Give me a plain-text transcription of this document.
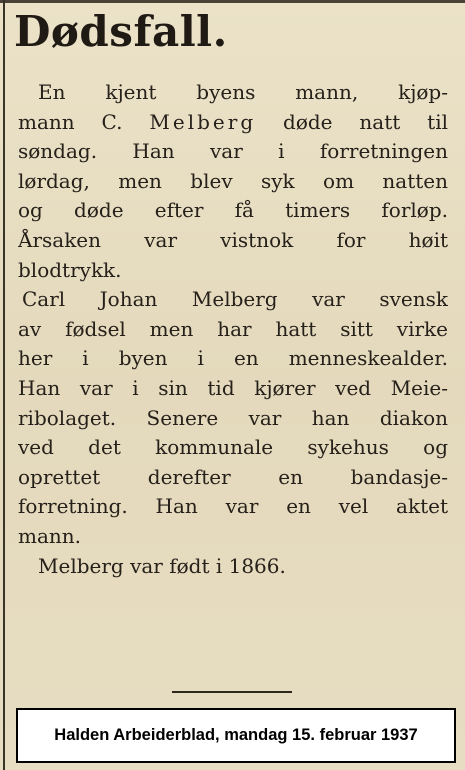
Dødsfall.
En kjent byens mann, kjøp-
mann C. Melberg døde natt til
søndag. Han var i forretningen
lørdag, men blev syk om natten
og døde efter få timers forløp.
Årsaken var vistnok for høit
blodtrykk.
Carl Johan Melberg var svensk
av fødsel men har hatt sitt virke
her i byen i en menneskealder.
Han var i sin tid kjører ved Meie-
ribolaget. Senere var han diakon
ved det kommunale sykehus og
oprettet derefter en bandasje-
forretning. Han var en vel aktet
mann.
Melberg var født i 1866.
Halden Arbeiderblad, mandag 15. februar 1937
